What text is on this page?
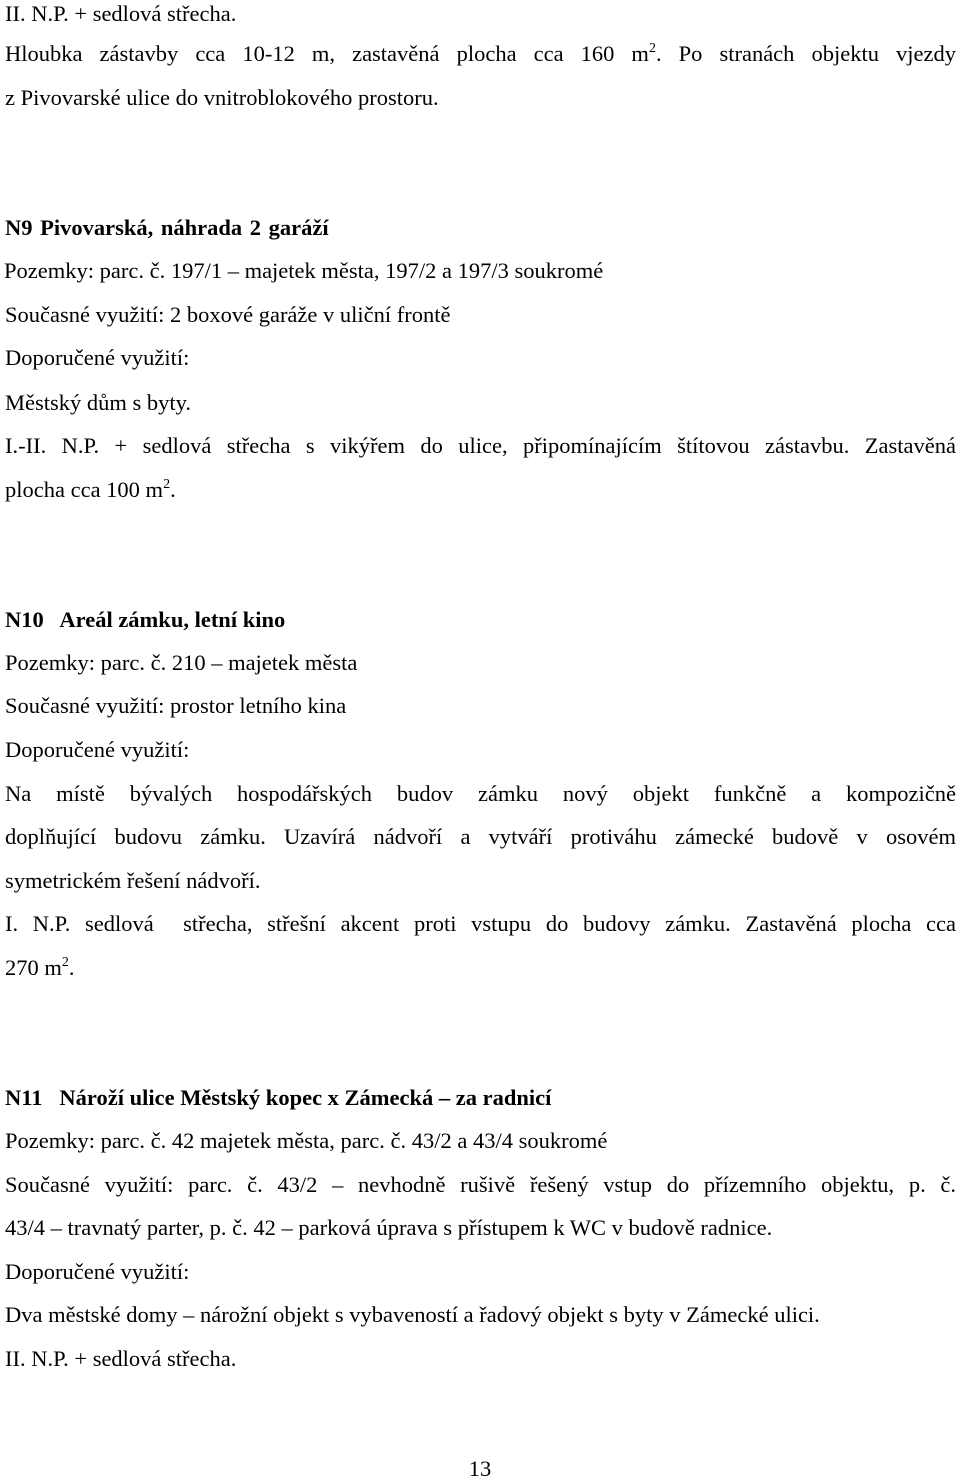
II. N.P. + sedlová střecha.
Hloubka zástavby cca 10-12 m, zastavěná plocha cca 160 $m^2$. Po stranách objektu vjezdy
z Pivovarské ulice do vnitroblokového prostoru.
N9 Pivovarská, náhrada 2 garáží
Pozemky: parc. č. 197/1 – majetek města, 197/2 a 197/3 soukromé
Současné využití: 2 boxové garáže v uliční frontě
Doporučené využití:
Městský dům s byty.
I.-II. N.P. + sedlová střecha s vikýřem do ulice, připomínajícím štítovou zástavbu. Zastavěná
plocha cca 100 $m^2$.
N10   Areál zámku, letní kino
Pozemky: parc. č. 210 – majetek města
Současné využití: prostor letního kina
Doporučené využití:
Na místě bývalých hospodářských budov zámku nový objekt funkčně a kompozičně
doplňující budovu zámku. Uzavírá nádvoří a vytváří protiváhu zámecké budově v osovém
symetrickém řešení nádvoří.
I. N.P. sedlová  střecha, střešní akcent proti vstupu do budovy zámku. Zastavěná plocha cca
270 $m^2$.
N11   Nároží ulice Městský kopec x Zámecká – za radnicí
Pozemky: parc. č. 42 majetek města, parc. č. 43/2 a 43/4 soukromé
Současné využití: parc. č. 43/2 – nevhodně rušivě řešený vstup do přízemního objektu, p. č.
43/4 – travnatý parter, p. č. 42 – parková úprava s přístupem k WC v budově radnice.
Doporučené využití:
Dva městské domy – nárožní objekt s vybaveností a řadový objekt s byty v Zámecké ulici.
II. N.P. + sedlová střecha.
13
